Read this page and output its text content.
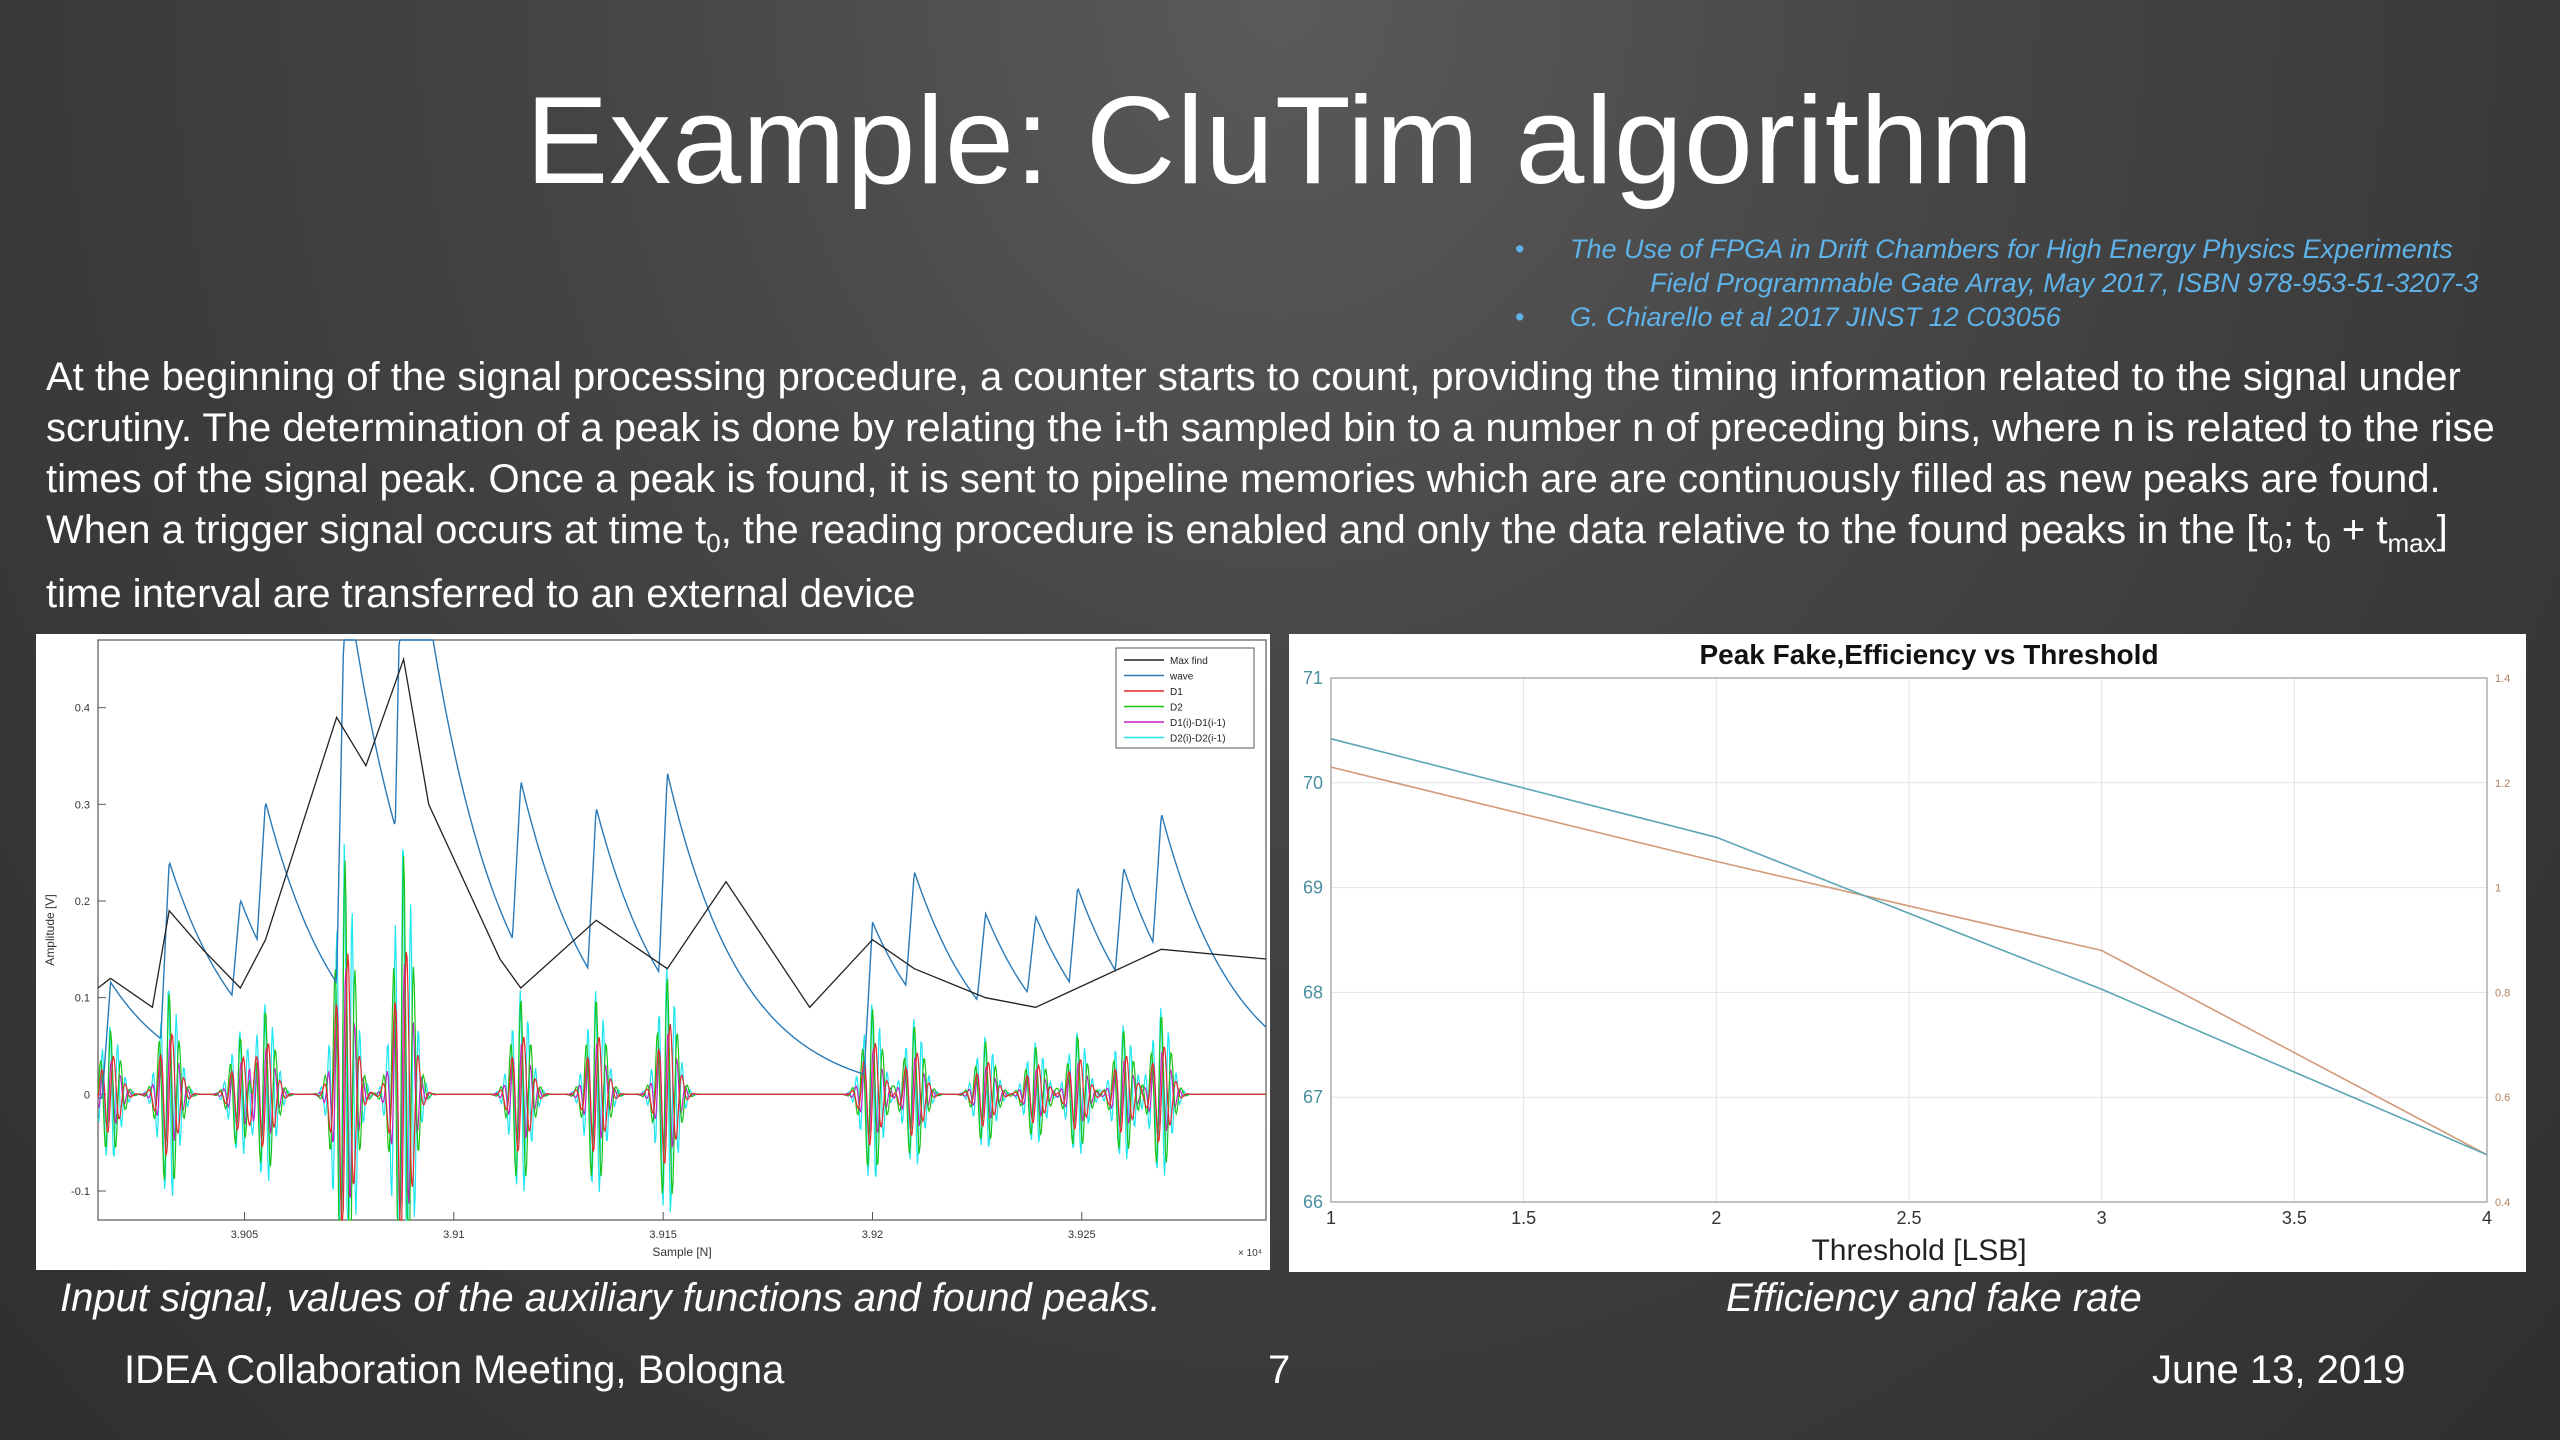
Example: CluTim algorithm
• The Use of FPGA in Drift Chambers for High Energy Physics Experiments
Field Programmable Gate Array, May 2017, ISBN 978-953-51-3207-3
• G. Chiarello et al 2017 JINST 12 C03056

At the beginning of the signal processing procedure, a counter starts to count, providing the timing information related to the signal under scrutiny. The determination of a peak is done by relating the i-th sampled bin to a number n of preceding bins, where n is related to the rise times of the signal peak. Once a peak is found, it is sent to pipeline memories which are are continuously filled as new peaks are found. When a trigger signal occurs at time $t_0$, the reading procedure is enabled and only the data relative to the found peaks in the [$t_0$; $t_0 + t_{max}$] time interval are transferred to an external device

3.905	3.91	3.915	3.92	3.925
-0.1
0
0.1
0.2
0.3
0.4
Sample [N]	× 10⁴
Amplitude [V]
Max find
wave
D1
D2
D1(i)-D1(i-1)
D2(i)-D2(i-1)
Peak Fake,Efficiency vs Threshold
1	1.5	2	2.5	3	3.5	4
66
67
68
69
70
71
0.4
0.6
0.8
1
1.2
1.4
Threshold [LSB]
Input signal, values of the auxiliary functions and found peaks.	Efficiency and fake rate
IDEA Collaboration Meeting, Bologna	7	June 13, 2019
